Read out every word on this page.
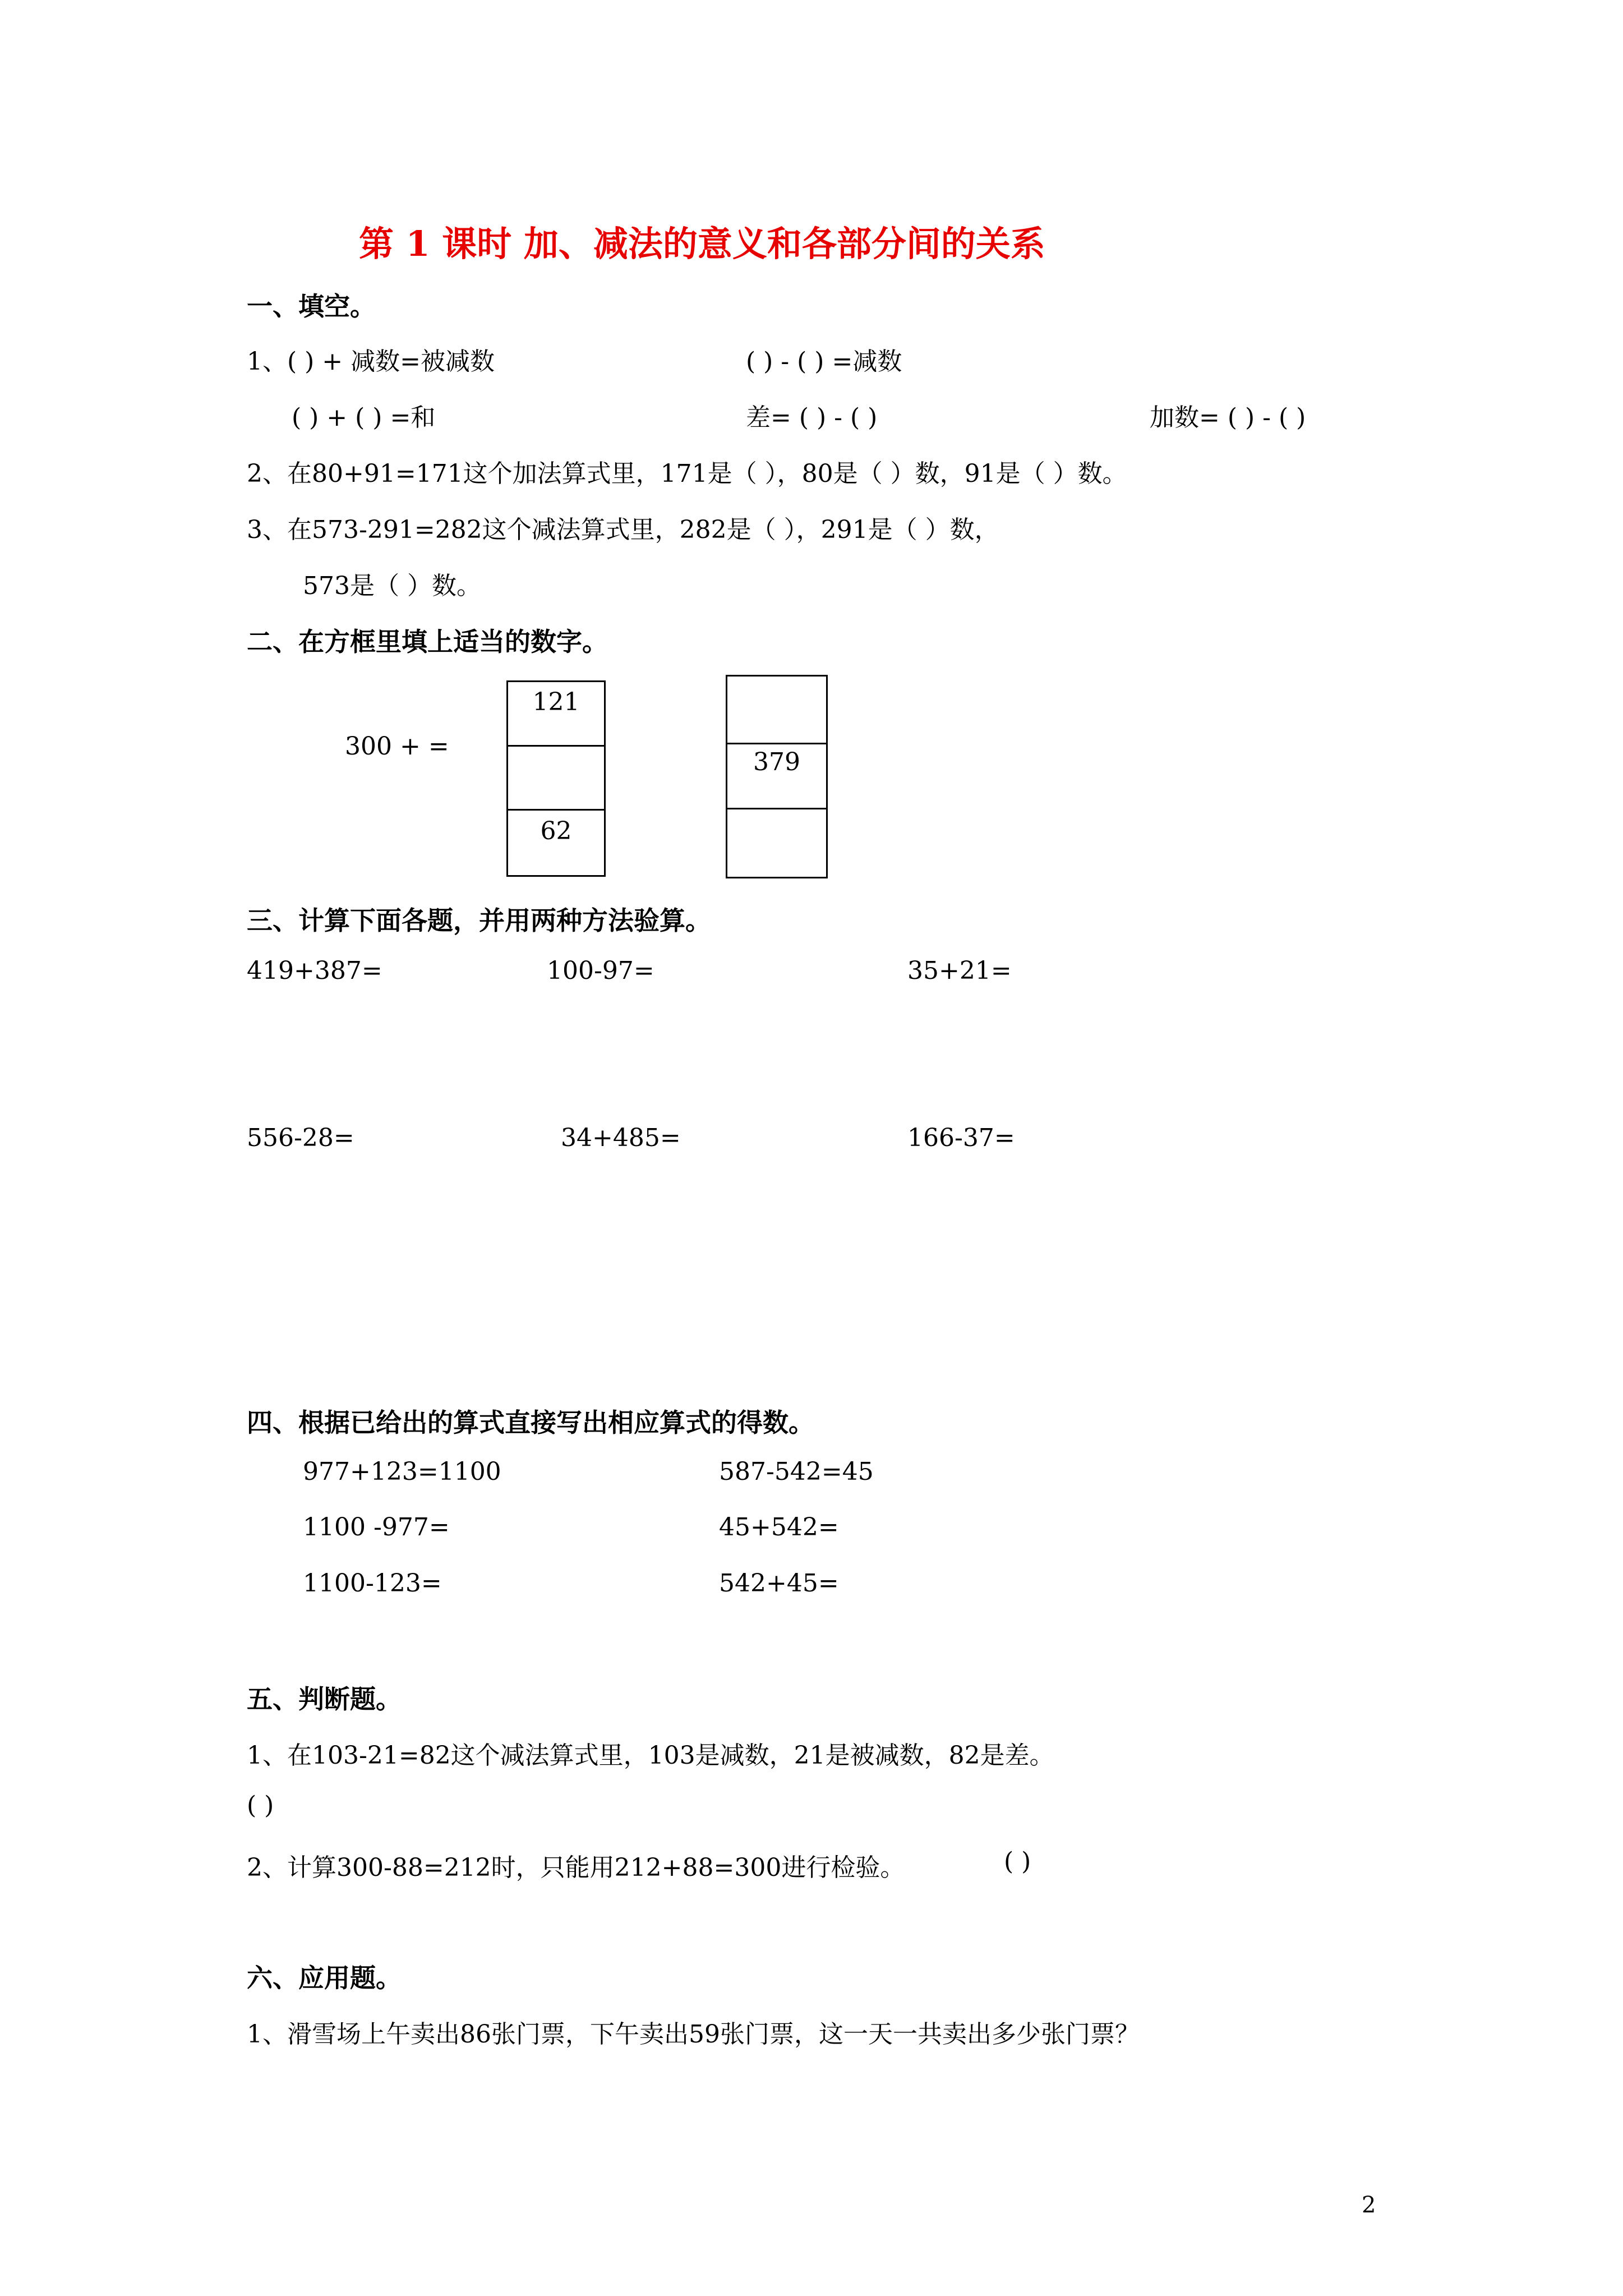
第 1 课时 加、减法的意义和各部分间的关系
一、填空。
1、( ) + 减数=被减数	( ) - ( ) =减数
( ) + ( ) =和	差= ( ) - ( )	加数= ( ) - ( )
2、在80+91=171这个加法算式里，171是（ ），80是（ ）数，91是（ ）数。
3、在573-291=282这个减法算式里，282是（ ），291是（ ）数，
573是（ ）数。
二、在方框里填上适当的数字。
300 + =
121
62
379
三、计算下面各题，并用两种方法验算。
419+387=	100-97=	35+21=
556-28=	34+485=	166-37=
四、根据已给出的算式直接写出相应算式的得数。
977+123=1100	587-542=45
1100 -977=	45+542=
1100-123=	542+45=
五、判断题。
1、在103-21=82这个减法算式里，103是减数，21是被减数，82是差。
( )
2、计算300-88=212时，只能用212+88=300进行检验。	( )
六、应用题。
1、滑雪场上午卖出86张门票，下午卖出59张门票，这一天一共卖出多少张门票？
2
